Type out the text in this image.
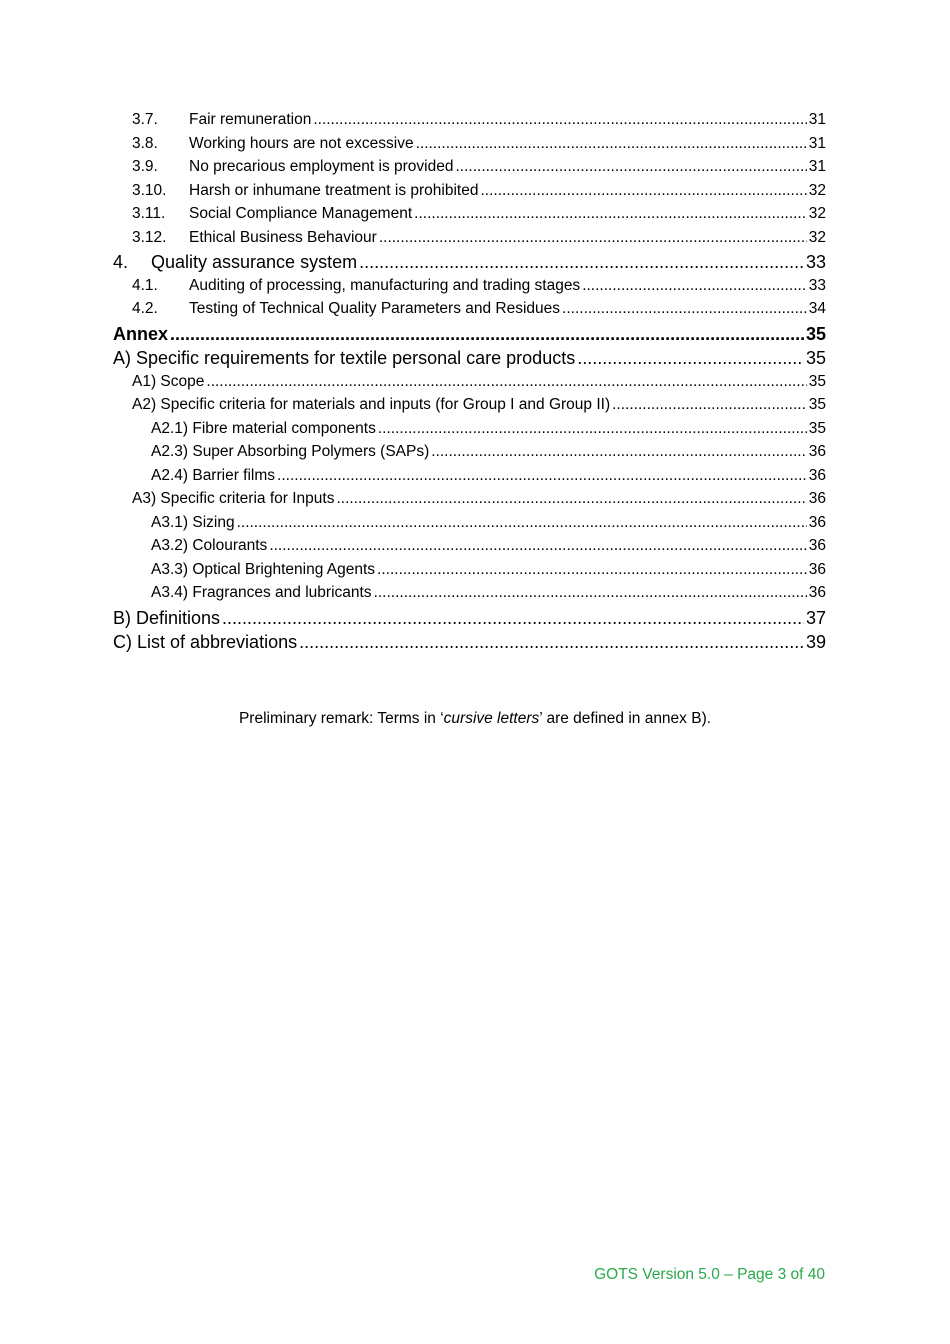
3.7.	Fair remuneration .....	31
3.8.	Working hours are not excessive .....	31
3.9.	No precarious employment is provided .....	31
3.10.	Harsh or inhumane treatment is prohibited .....	32
3.11.	Social Compliance Management .....	32
3.12.	Ethical Business Behaviour .....	32
4.	Quality assurance system .....	33
4.1.	Auditing of processing, manufacturing and trading stages .....	33
4.2.	Testing of Technical Quality Parameters and Residues .....	34
Annex .....	35
A) Specific requirements for textile personal care products .....	35
A1) Scope .....	35
A2) Specific criteria for materials and inputs (for Group I and Group II) .....	35
A2.1) Fibre material components .....	35
A2.3) Super Absorbing Polymers (SAPs) .....	36
A2.4) Barrier films .....	36
A3) Specific criteria for Inputs .....	36
A3.1) Sizing .....	36
A3.2) Colourants .....	36
A3.3) Optical Brightening Agents .....	36
A3.4) Fragrances and lubricants .....	36
B) Definitions .....	37
C) List of abbreviations .....	39
Preliminary remark: Terms in ‘cursive letters’ are defined in annex B).
GOTS Version 5.0 – Page 3 of 40
